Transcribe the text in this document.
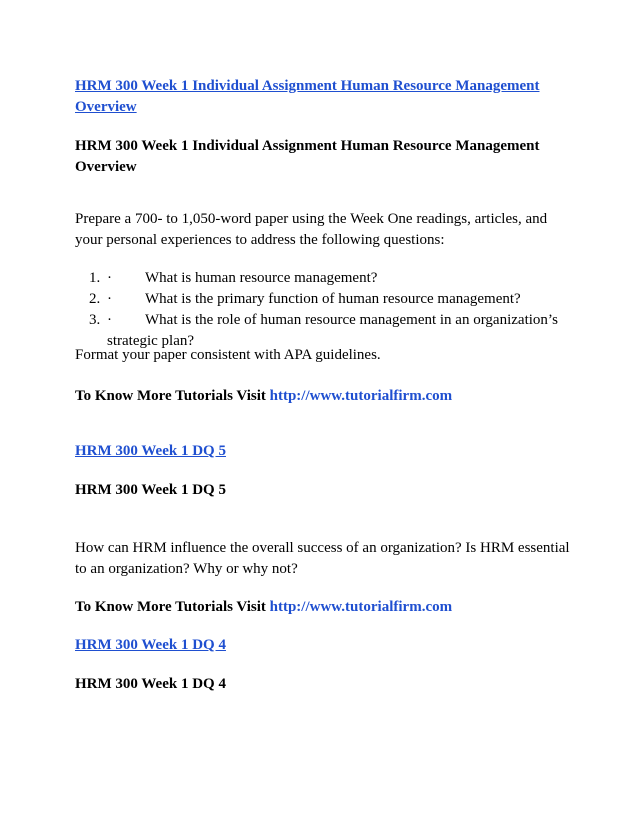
HRM 300 Week 1 Individual Assignment Human Resource Management Overview

HRM 300 Week 1 Individual Assignment Human Resource Management Overview

Prepare a 700- to 1,050-word paper using the Week One readings, articles, and your personal experiences to address the following questions:

1. · What is human resource management?
2. · What is the primary function of human resource management?
3. · What is the role of human resource management in an organization’s strategic plan?

Format your paper consistent with APA guidelines.

To Know More Tutorials Visit http://www.tutorialfirm.com

HRM 300 Week 1 DQ 5

HRM 300 Week 1 DQ 5

How can HRM influence the overall success of an organization? Is HRM essential to an organization? Why or why not?

To Know More Tutorials Visit http://www.tutorialfirm.com

HRM 300 Week 1 DQ 4

HRM 300 Week 1 DQ 4
